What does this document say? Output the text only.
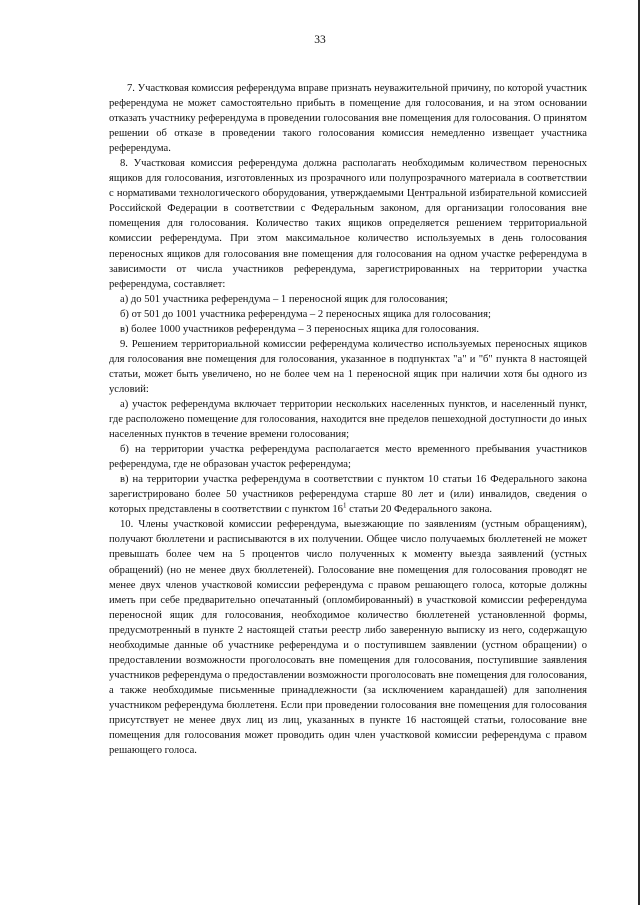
33

7. Участковая комиссия референдума вправе признать неуважительной причину, по которой участник референдума не может самостоятельно прибыть в помещение для голосования, и на этом основании отказать участнику референдума в проведении голосования вне помещения для голосования. О принятом решении об отказе в проведении такого голосования комиссия немедленно извещает участника референдума.

8. Участковая комиссия референдума должна располагать необходимым количеством переносных ящиков для голосования, изготовленных из прозрачного или полупрозрачного материала в соответствии с нормативами технологического оборудования, утверждаемыми Центральной избирательной комиссией Российской Федерации в соответствии с Федеральным законом, для организации голосования вне помещения для голосования. Количество таких ящиков определяется решением территориальной комиссии референдума. При этом максимальное количество используемых в день голосования переносных ящиков для голосования вне помещения для голосования на одном участке референдума в зависимости от числа участников референдума, зарегистрированных на территории участка референдума, составляет:

а) до 501 участника референдума – 1 переносной ящик для голосования;

б) от 501 до 1001 участника референдума – 2 переносных ящика для голосования;

в) более 1000 участников референдума – 3 переносных ящика для голосования.

9. Решением территориальной комиссии референдума количество используемых переносных ящиков для голосования вне помещения для голосования, указанное в подпунктах "а" и "б" пункта 8 настоящей статьи, может быть увеличено, но не более чем на 1 переносной ящик при наличии хотя бы одного из условий:

а) участок референдума включает территории нескольких населенных пунктов, и населенный пункт, где расположено помещение для голосования, находится вне пределов пешеходной доступности до иных населенных пунктов в течение времени голосования;

б) на территории участка референдума располагается место временного пребывания участников референдума, где не образован участок референдума;

в) на территории участка референдума в соответствии с пунктом 10 статьи 16 Федерального закона зарегистрировано более 50 участников референдума старше 80 лет и (или) инвалидов, сведения о которых представлены в соответствии с пунктом $16^1$ статьи 20 Федерального закона.

10. Члены участковой комиссии референдума, выезжающие по заявлениям (устным обращениям), получают бюллетени и расписываются в их получении. Общее число получаемых бюллетеней не может превышать более чем на 5 процентов число полученных к моменту выезда заявлений (устных обращений) (но не менее двух бюллетеней). Голосование вне помещения для голосования проводят не менее двух членов участковой комиссии референдума с правом решающего голоса, которые должны иметь при себе предварительно опечатанный (опломбированный) в участковой комиссии референдума переносной ящик для голосования, необходимое количество бюллетеней установленной формы, предусмотренный в пункте 2 настоящей статьи реестр либо заверенную выписку из него, содержащую необходимые данные об участнике референдума и о поступившем заявлении (устном обращении) о предоставлении возможности проголосовать вне помещения для голосования, поступившие заявления участников референдума о предоставлении возможности проголосовать вне помещения для голосования, а также необходимые письменные принадлежности (за исключением карандашей) для заполнения участником референдума бюллетеня. Если при проведении голосования вне помещения для голосования присутствует не менее двух лиц из лиц, указанных в пункте 16 настоящей статьи, голосование вне помещения для голосования может проводить один член участковой комиссии референдума с правом решающего голоса.
